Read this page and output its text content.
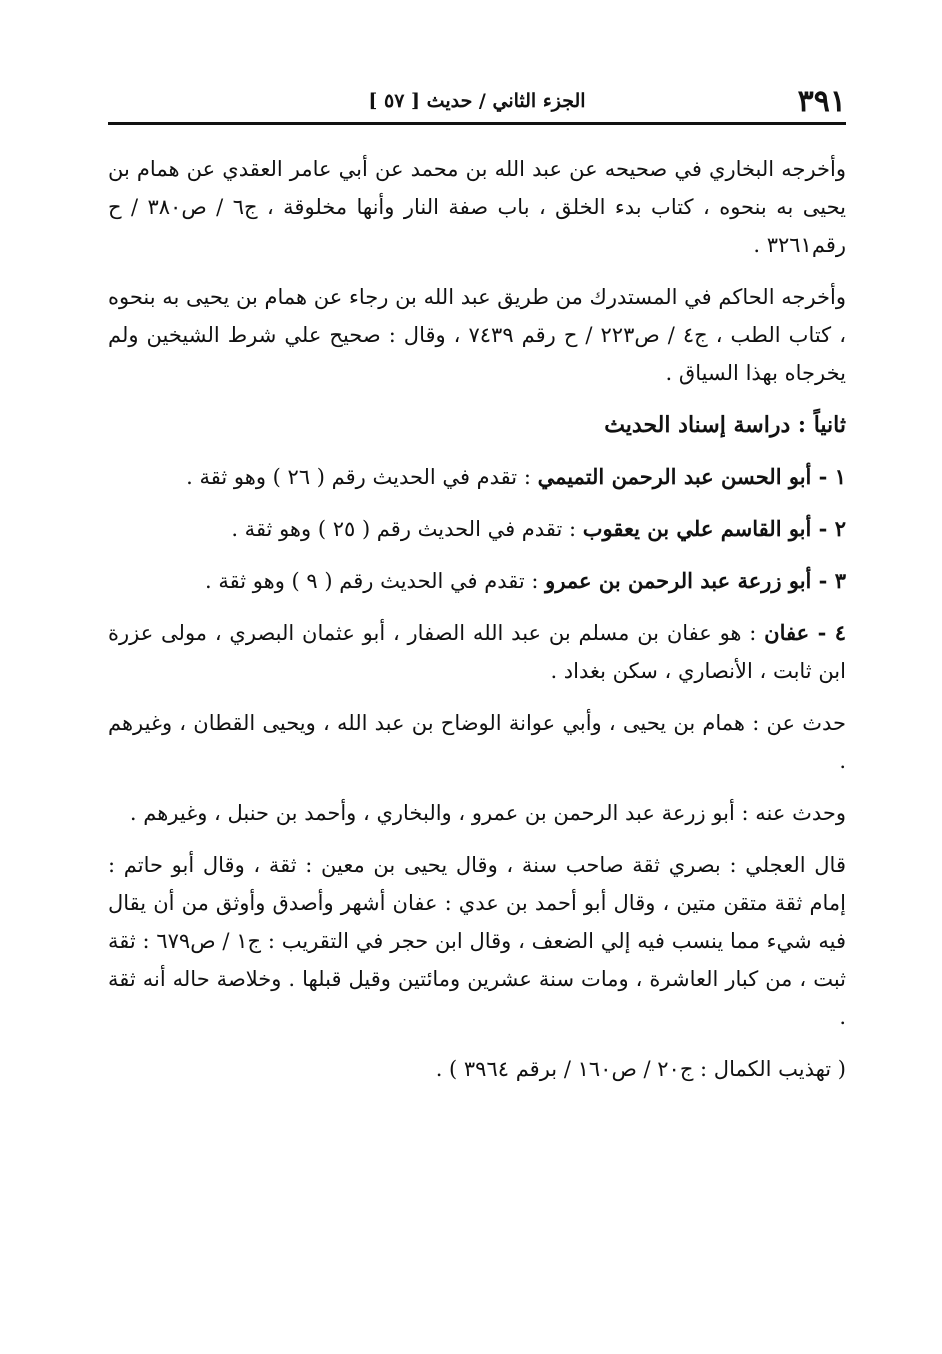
٣٩١
الجزء الثاني / حديث [ ٥٧ ]

وأخرجه البخاري في صحيحه عن عبد الله بن محمد عن أبي عامر العقدي عن همام بن يحيى به بنحوه ، كتاب بدء الخلق ، باب صفة النار وأنها مخلوقة ، ج٦ / ص٣٨٠ / ح رقم٣٢٦١ .

وأخرجه الحاكم في المستدرك من طريق عبد الله بن رجاء عن همام بن يحيى به بنحوه ، كتاب الطب ، ج٤ / ص٢٢٣ / ح رقم ٧٤٣٩ ، وقال : صحيح علي شرط الشيخين ولم يخرجاه بهذا السياق .

ثانياً : دراسة إسناد الحديث

١ - أبو الحسن عبد الرحمن التميمي : تقدم في الحديث رقم ( ٢٦ ) وهو ثقة .

٢ - أبو القاسم علي بن يعقوب : تقدم في الحديث رقم ( ٢٥ ) وهو ثقة .

٣ - أبو زرعة عبد الرحمن بن عمرو : تقدم في الحديث رقم ( ٩ ) وهو ثقة .

٤ - عفان : هو عفان بن مسلم بن عبد الله الصفار ، أبو عثمان البصري ، مولى عزرة ابن ثابت ، الأنصاري ، سكن بغداد .

حدث عن : همام بن يحيى ، وأبي عوانة الوضاح بن عبد الله ، ويحيى القطان ، وغيرهم .

وحدث عنه : أبو زرعة عبد الرحمن بن عمرو ، والبخاري ، وأحمد بن حنبل ، وغيرهم .

قال العجلي : بصري ثقة صاحب سنة ، وقال يحيى بن معين : ثقة ، وقال أبو حاتم : إمام ثقة متقن متين ، وقال أبو أحمد بن عدي : عفان أشهر وأصدق وأوثق من أن يقال فيه شيء مما ينسب فيه إلي الضعف ، وقال ابن حجر في التقريب : ج١ / ص٦٧٩ : ثقة ثبت ، من كبار العاشرة ، ومات سنة عشرين ومائتين وقيل قبلها . وخلاصة حاله أنه ثقة .

( تهذيب الكمال : ج٢٠ / ص١٦٠ / برقم ٣٩٦٤ ) .
